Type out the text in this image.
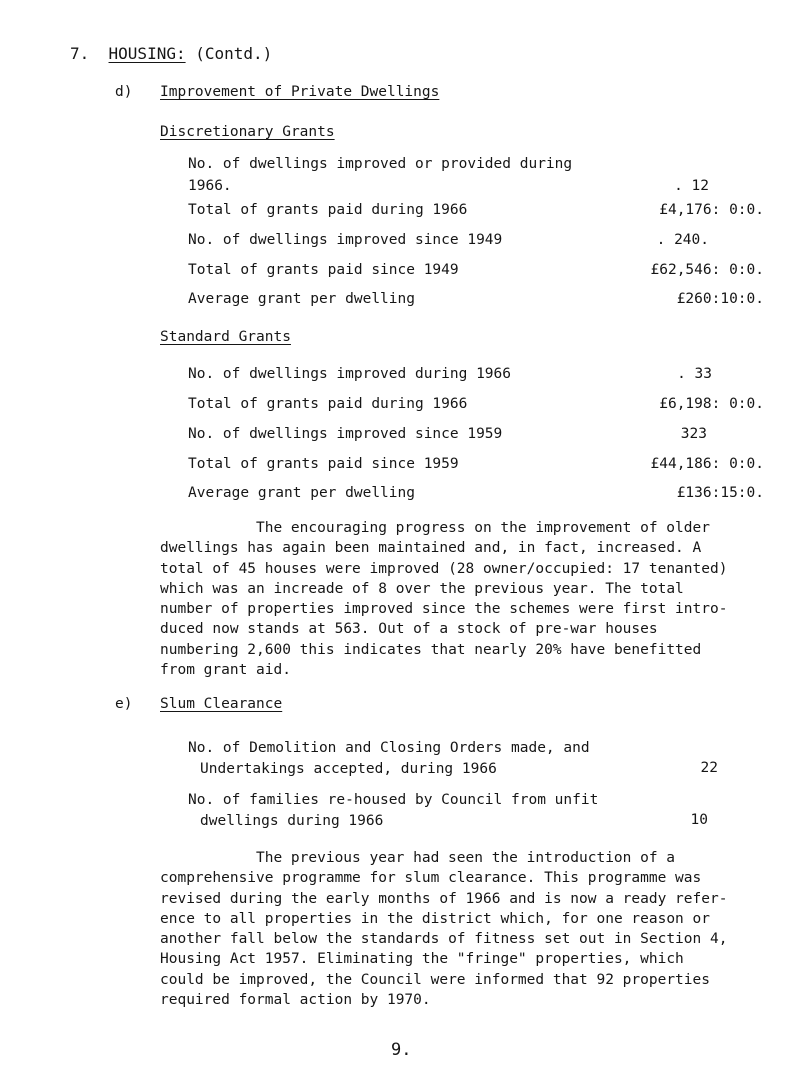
7. HOUSING: (Contd.)
d) Improvement of Private Dwellings
Discretionary Grants
No. of dwellings improved or provided during
1966.	. 12
Total of grants paid during 1966	£4,176: 0:0.
No. of dwellings improved since 1949	. 240.
Total of grants paid since 1949	£62,546: 0:0.
Average grant per dwelling	£260:10:0.
Standard Grants
No. of dwellings improved during 1966	. 33
Total of grants paid during 1966	£6,198: 0:0.
No. of dwellings improved since 1959	323
Total of grants paid since 1959	£44,186: 0:0.
Average grant per dwelling	£136:15:0.
The encouraging progress on the improvement of older
dwellings has again been maintained and, in fact, increased. A
total of 45 houses were improved (28 owner/occupied: 17 tenanted)
which was an increade of 8 over the previous year. The total
number of properties improved since the schemes were first intro-
duced now stands at 563. Out of a stock of pre-war houses
numbering 2,600 this indicates that nearly 20% have benefitted
from grant aid.
e) Slum Clearance
No. of Demolition and Closing Orders made, and
Undertakings accepted, during 1966	22
No. of families re-housed by Council from unfit
dwellings during 1966	10
The previous year had seen the introduction of a
comprehensive programme for slum clearance. This programme was
revised during the early months of 1966 and is now a ready refer-
ence to all properties in the district which, for one reason or
another fall below the standards of fitness set out in Section 4,
Housing Act 1957. Eliminating the "fringe" properties, which
could be improved, the Council were informed that 92 properties
required formal action by 1970.
9.
